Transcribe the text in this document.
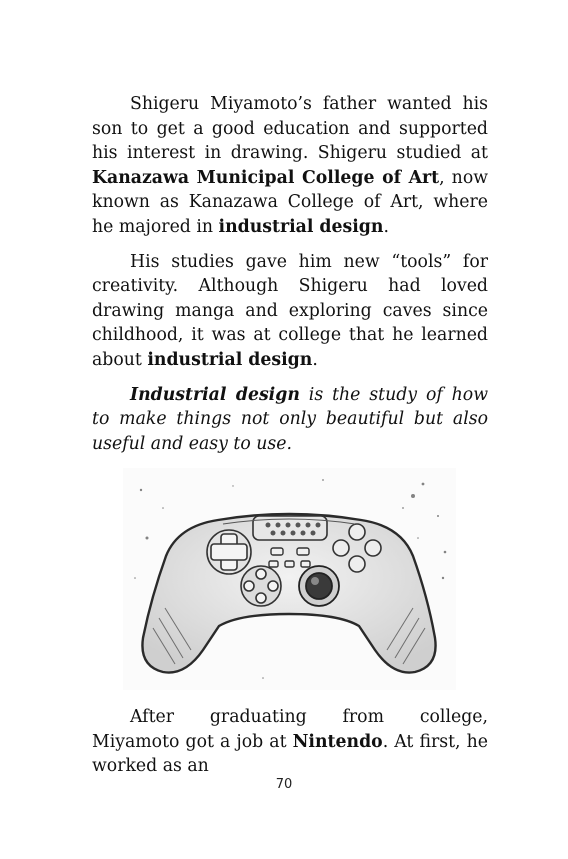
Shigeru Miyamoto’s father wanted his son to get a good education and supported his interest in drawing. Shigeru studied at Kanazawa Municipal College of Art, now known as Kanazawa College of Art, where he majored in industrial design.

His studies gave him new “tools” for creativity. Although Shigeru had loved drawing manga and exploring caves since childhood, it was at college that he learned about industrial design.

Industrial design is the study of how to make things not only beautiful but also useful and easy to use.

After graduating from college, Miyamoto got a job at Nintendo. At first, he worked as an

70
